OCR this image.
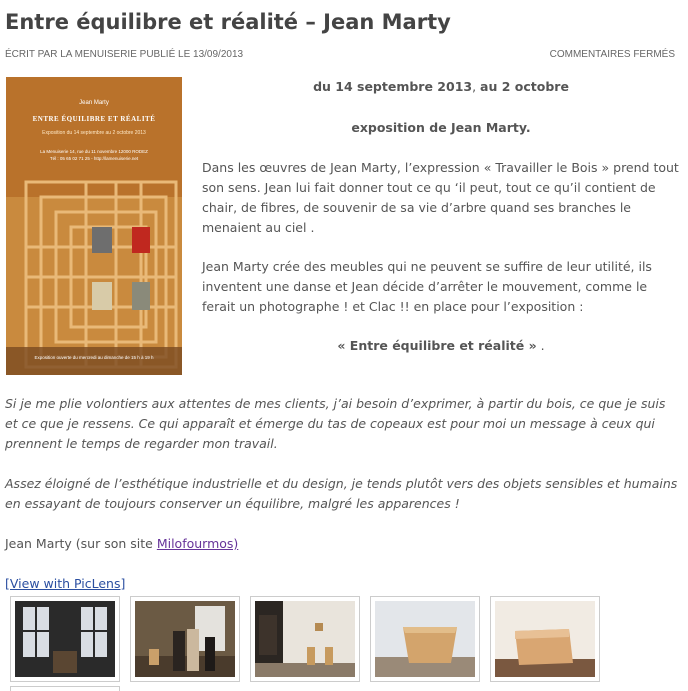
Entre équilibre et réalité – Jean Marty
ÉCRIT PAR LA MENUISERIE PUBLIÉ LE 13/09/2013	COMMENTAIRES FERMÉS
Jean Marty
ENTRE ÉQUILIBRE ET RÉALITÉ
Exposition du 14 septembre au 2 octobre 2013
La Menuiserie 14, rue du 11 novembre 12000 RODEZ
Tél : 05 65 02 71 25 - http://lamenuiserie.net
Exposition ouverte du mercredi au dimanche de 15 h à 19 h

du 14 septembre 2013, au 2 octobre

exposition de Jean Marty.

Dans les œuvres de Jean Marty, l’expression « Travailler le Bois » prend tout son sens. Jean lui fait donner tout ce qu ‘il peut, tout ce qu’il contient de chair, de fibres, de souvenir de sa vie d’arbre quand ses branches le menaient au ciel .

Jean Marty crée des meubles qui ne peuvent se suffire de leur utilité, ils inventent une danse et Jean décide d’arrêter le mouvement, comme le ferait un photographe ! et Clac !! en place pour l’exposition :

« Entre équilibre et réalité » .

Si je me plie volontiers aux attentes de mes clients, j’ai besoin d’exprimer, à partir du bois, ce que je suis et ce que je ressens. Ce qui apparaît et émerge du tas de copeaux est pour moi un message à ceux qui prennent le temps de regarder mon travail.

Assez éloigné de l’esthétique industrielle et du design, je tends plutôt vers des objets sensibles et humains en essayant de toujours conserver un équilibre, malgré les apparences !

Jean Marty (sur son site Milofourmos)

[View with PicLens]
